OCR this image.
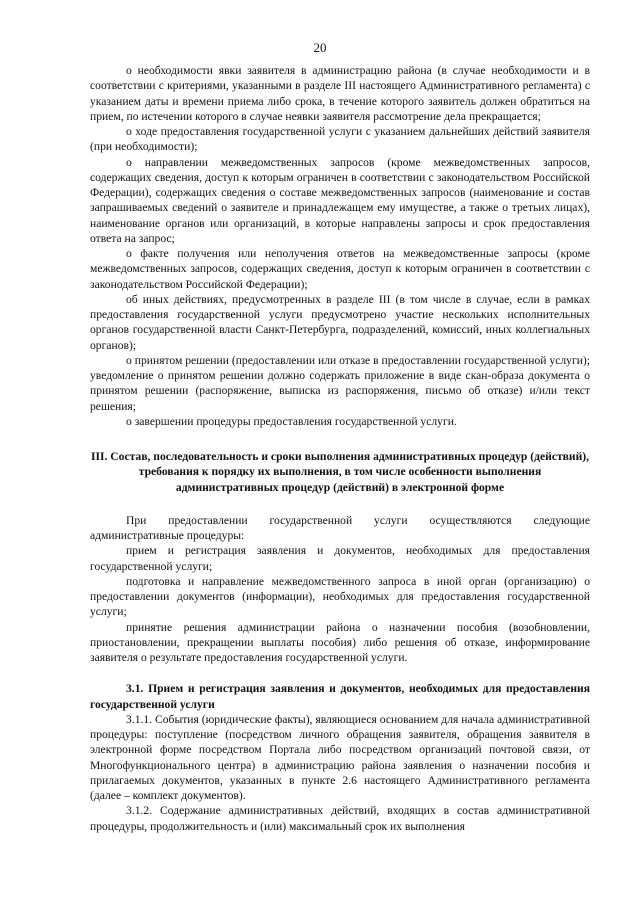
20

о необходимости явки заявителя в администрацию района (в случае необходимости и в соответствии с критериями, указанными в разделе III настоящего Административного регламента) с указанием даты и времени приема либо срока, в течение которого заявитель должен обратиться на прием, по истечении которого в случае неявки заявителя рассмотрение дела прекращается;

о ходе предоставления государственной услуги с указанием дальнейших действий заявителя (при необходимости);

о направлении межведомственных запросов (кроме межведомственных запросов, содержащих сведения, доступ к которым ограничен в соответствии с законодательством Российской Федерации), содержащих сведения о составе межведомственных запросов (наименование и состав запрашиваемых сведений о заявителе и принадлежащем ему имуществе, а также о третьих лицах), наименование органов или организаций, в которые направлены запросы и срок предоставления ответа на запрос;

о факте получения или неполучения ответов на межведомственные запросы (кроме межведомственных запросов, содержащих сведения, доступ к которым ограничен в соответствии с законодательством Российской Федерации);

об иных действиях, предусмотренных в разделе III (в том числе в случае, если в рамках предоставления государственной услуги предусмотрено участие нескольких исполнительных органов государственной власти Санкт-Петербурга, подразделений, комиссий, иных коллегиальных органов);

о принятом решении (предоставлении или отказе в предоставлении государственной услуги); уведомление о принятом решении должно содержать приложение в виде скан-образа документа о принятом решении (распоряжение, выписка из распоряжения, письмо об отказе) и/или текст решения;

о завершении процедуры предоставления государственной услуги.

III. Состав, последовательность и сроки выполнения административных процедур (действий), требования к порядку их выполнения, в том числе особенности выполнения административных процедур (действий) в электронной форме

При предоставлении государственной услуги осуществляются следующие административные процедуры:

прием и регистрация заявления и документов, необходимых для предоставления государственной услуги;

подготовка и направление межведомственного запроса в иной орган (организацию) о предоставлении документов (информации), необходимых для предоставления государственной услуги;

принятие решения администрации района о назначении пособия (возобновлении, приостановлении, прекращении выплаты пособия) либо решения об отказе, информирование заявителя о результате предоставления государственной услуги.

3.1. Прием и регистрация заявления и документов, необходимых для предоставления государственной услуги

3.1.1. События (юридические факты), являющиеся основанием для начала административной процедуры: поступление (посредством личного обращения заявителя, обращения заявителя в электронной форме посредством Портала либо посредством организаций почтовой связи, от Многофункционального центра) в администрацию района заявления о назначении пособия и прилагаемых документов, указанных в пункте 2.6 настоящего Административного регламента (далее – комплект документов).

3.1.2. Содержание административных действий, входящих в состав административной процедуры, продолжительность и (или) максимальный срок их выполнения
